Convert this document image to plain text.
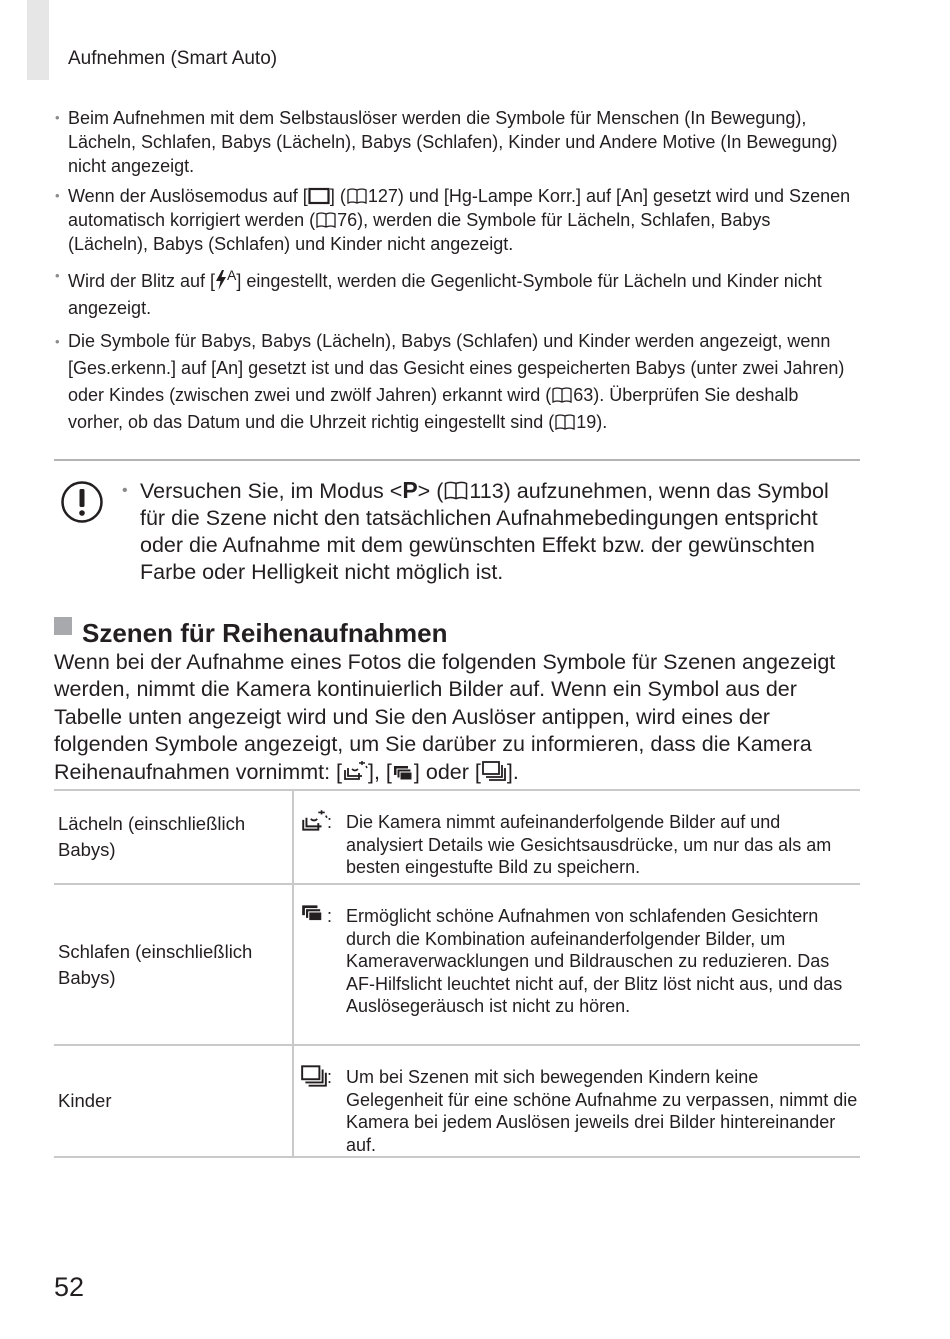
Aufnehmen (Smart Auto)
• Beim Aufnehmen mit dem Selbstauslöser werden die Symbole für Menschen (In Bewegung), Lächeln, Schlafen, Babys (Lächeln), Babys (Schlafen), Kinder und Andere Motive (In Bewegung) nicht angezeigt.
• Wenn der Auslösemodus auf [ ] ( 127) und [Hg-Lampe Korr.] auf [An] gesetzt wird und Szenen automatisch korrigiert werden ( 76), werden die Symbole für Lächeln, Schlafen, Babys (Lächeln), Babys (Schlafen) und Kinder nicht angezeigt.
• Wird der Blitz auf [ $^A$] eingestellt, werden die Gegenlicht-Symbole für Lächeln und Kinder nicht angezeigt.
• Die Symbole für Babys, Babys (Lächeln), Babys (Schlafen) und Kinder werden angezeigt, wenn [Ges.erkenn.] auf [An] gesetzt ist und das Gesicht eines gespeicherten Babys (unter zwei Jahren) oder Kindes (zwischen zwei und zwölf Jahren) erkannt wird ( 63). Überprüfen Sie deshalb vorher, ob das Datum und die Uhrzeit richtig eingestellt sind ( 19).
• Versuchen Sie, im Modus <P> ( 113) aufzunehmen, wenn das Symbol für die Szene nicht den tatsächlichen Aufnahmebedingungen entspricht oder die Aufnahme mit dem gewünschten Effekt bzw. der gewünschten Farbe oder Helligkeit nicht möglich ist.
Szenen für Reihenaufnahmen
Wenn bei der Aufnahme eines Fotos die folgenden Symbole für Szenen angezeigt werden, nimmt die Kamera kontinuierlich Bilder auf. Wenn ein Symbol aus der Tabelle unten angezeigt wird und Sie den Auslöser antippen, wird eines der folgenden Symbole angezeigt, um Sie darüber zu informieren, dass die Kamera Reihenaufnahmen vornimmt: [ ], [ ] oder [ ].
Lächeln (einschließlich Babys)
: Die Kamera nimmt aufeinanderfolgende Bilder auf und analysiert Details wie Gesichtsausdrücke, um nur das als am besten eingestufte Bild zu speichern.
Schlafen (einschließlich Babys)
: Ermöglicht schöne Aufnahmen von schlafenden Gesichtern durch die Kombination aufeinanderfolgender Bilder, um Kameraverwacklungen und Bildrauschen zu reduzieren. Das AF-Hilfslicht leuchtet nicht auf, der Blitz löst nicht aus, und das Auslösegeräusch ist nicht zu hören.
Kinder
: Um bei Szenen mit sich bewegenden Kindern keine Gelegenheit für eine schöne Aufnahme zu verpassen, nimmt die Kamera bei jedem Auslösen jeweils drei Bilder hintereinander auf.
52
